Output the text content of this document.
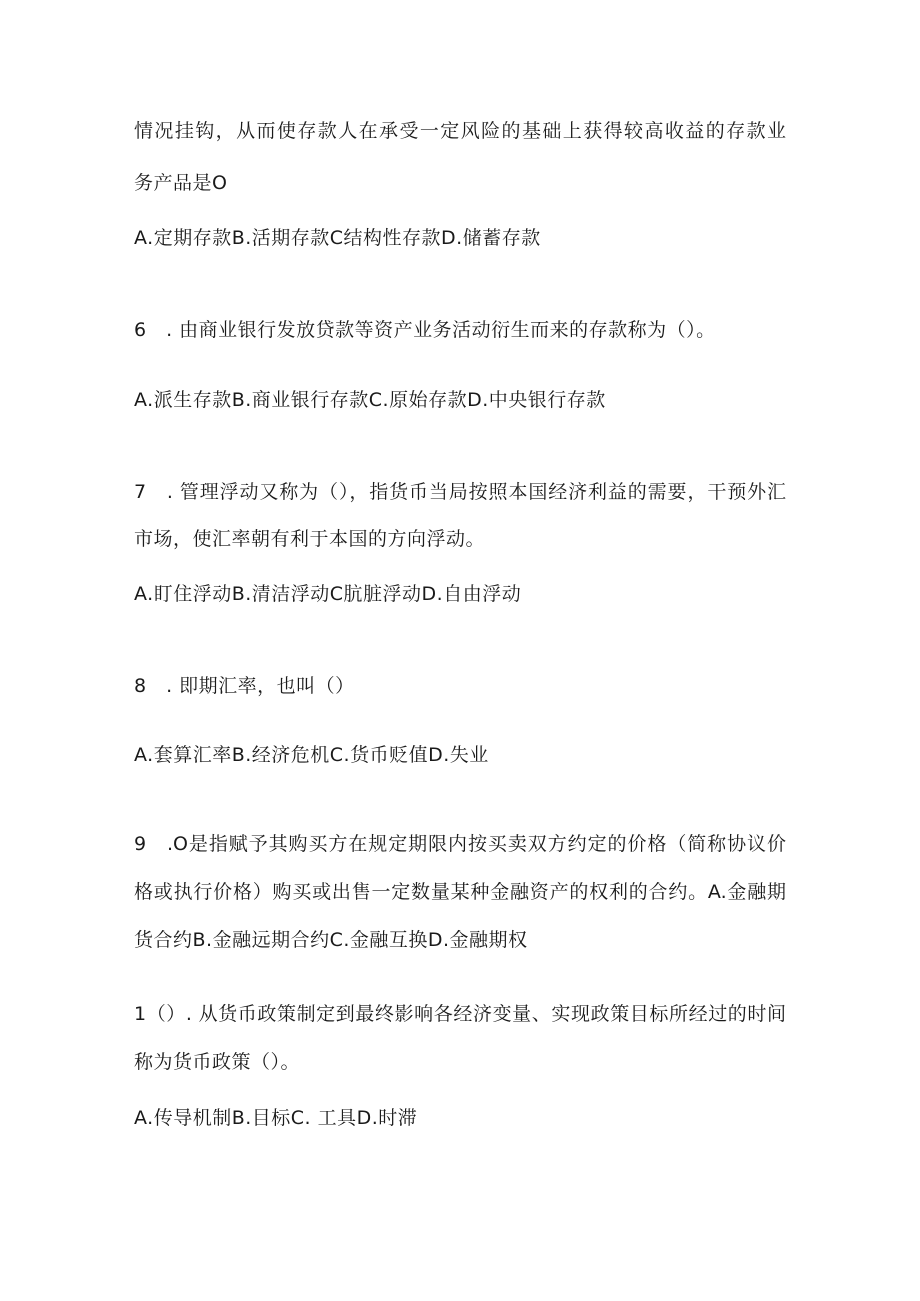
情况挂钩，从而使存款人在承受一定风险的基础上获得较高收益的存款业

务产品是O

A.定期存款B.活期存款C结构性存款D.储蓄存款

6　. 由商业银行发放贷款等资产业务活动衍生而来的存款称为（）。

A.派生存款B.商业银行存款C.原始存款D.中央银行存款

7　. 管理浮动又称为（），指货币当局按照本国经济利益的需要，干预外汇

市场，使汇率朝有利于本国的方向浮动。

A.盯住浮动B.清洁浮动C肮脏浮动D.自由浮动

8　. 即期汇率，也叫（）

A.套算汇率B.经济危机C.货币贬值D.失业

9　.O是指赋予其购买方在规定期限内按买卖双方约定的价格（简称协议价

格或执行价格）购买或出售一定数量某种金融资产的权利的合约。A.金融期

货合约B.金融远期合约C.金融互换D.金融期权

1（）. 从货币政策制定到最终影响各经济变量、实现政策目标所经过的时间

称为货币政策（）。

A.传导机制B.目标C. 工具D.时滞
